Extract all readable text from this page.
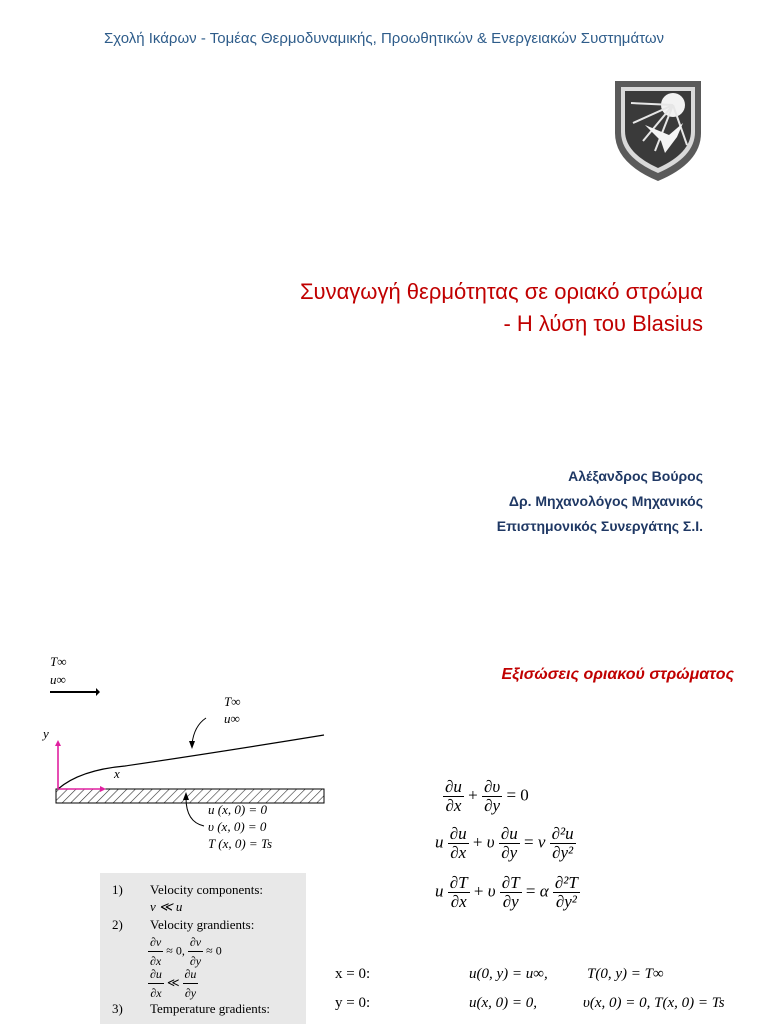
Σχολή Ικάρων - Τομέας Θερμοδυναμικής, Προωθητικών & Ενεργειακών Συστημάτων
Συναγωγή θερμότητας σε οριακό στρώμα
- Η λύση του Blasius
Αλέξανδρος Βούρος
Δρ. Μηχανολόγος Μηχανικός
Επιστημονικός Συνεργάτης Σ.Ι.
Εξισώσεις οριακού στρώματος
T∞
u∞
T∞
u∞
y
x
u (x, 0) = 0
υ (x, 0) = 0
T (x, 0) = Ts
1) Velocity components:
v ≪ u
2) Velocity grandients:
$\frac{\partial v}{\partial x} \approx 0$, $\frac{\partial v}{\partial y} \approx 0$
$\frac{\partial u}{\partial x}$ ≪ $\frac{\partial u}{\partial y}$
3) Temperature gradients:
$\frac{\partial u}{\partial x} + \frac{\partial\upsilon}{\partial y} = 0$
u $\frac{\partial u}{\partial x} + \upsilon \frac{\partial u}{\partial y} = \nu \frac{\text{∂²u}}{\text{∂y²}}$
u $\frac{\partial T}{\partial x} + \upsilon \frac{\partial T}{\partial y} = \alpha \frac{\text{∂²T}}{\text{∂y²}}$
x = 0:	u(0, y) = u∞,	T(0, y) = T∞
y = 0:	u(x, 0) = 0,	υ(x, 0) = 0, T(x, 0) = Ts
